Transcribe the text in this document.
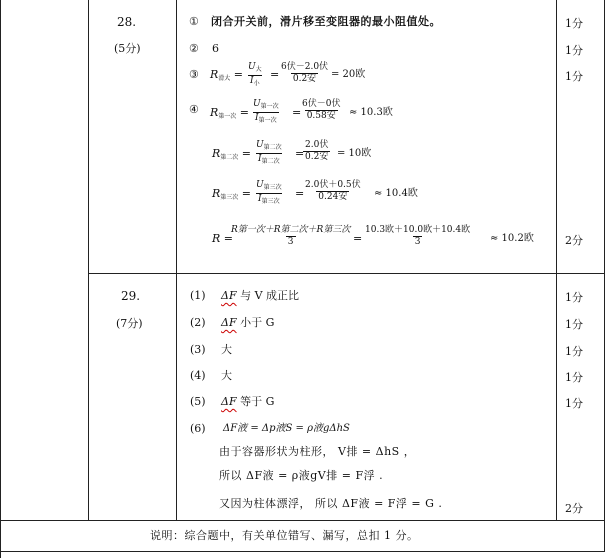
28.
(5分)
① 闭合开关前，滑片移至变阻器的最小阻值处。	1分
② 6	1分
③ $R_{滑大}$ =
$U_大$
$I_小$
=
6伏－2.0伏
0.2安 = 20欧	1分
④ $R_{第一次}$ =
$U_{第一次}$
$I_{第一次}$
=
6伏－0伏
0.58安 ≈ 10.3欧
$R_{第二次}$ =
$U_{第二次}$
$I_{第二次}$
=
2.0伏
0.2安 = 10欧
$R_{第三次}$ =
$U_{第三次}$
$I_{第三次}$
=
2.0伏＋0.5伏
0.24安	≈ 10.4欧
R =
R第一次＋R第二次＋R第三次
3	=
10.3欧＋10.0欧＋10.4欧
3	≈ 10.2欧	2分
29.
(7分)
(1) ΔF 与 V 成正比	1分
(2) ΔF 小于 G	1分
(3) 大	1分
(4) 大	1分
(5) ΔF 等于 G	1分
(6) ΔF液 = Δp液S = ρ液gΔhS
由于容器形状为柱形， V排 = ΔhS ，
所以 ΔF液 = ρ液gV排 = F浮 .
又因为柱体漂浮， 所以 ΔF液 = F浮 = G .	2分
说明：综合题中，有关单位错写、漏写，总扣 1 分。
